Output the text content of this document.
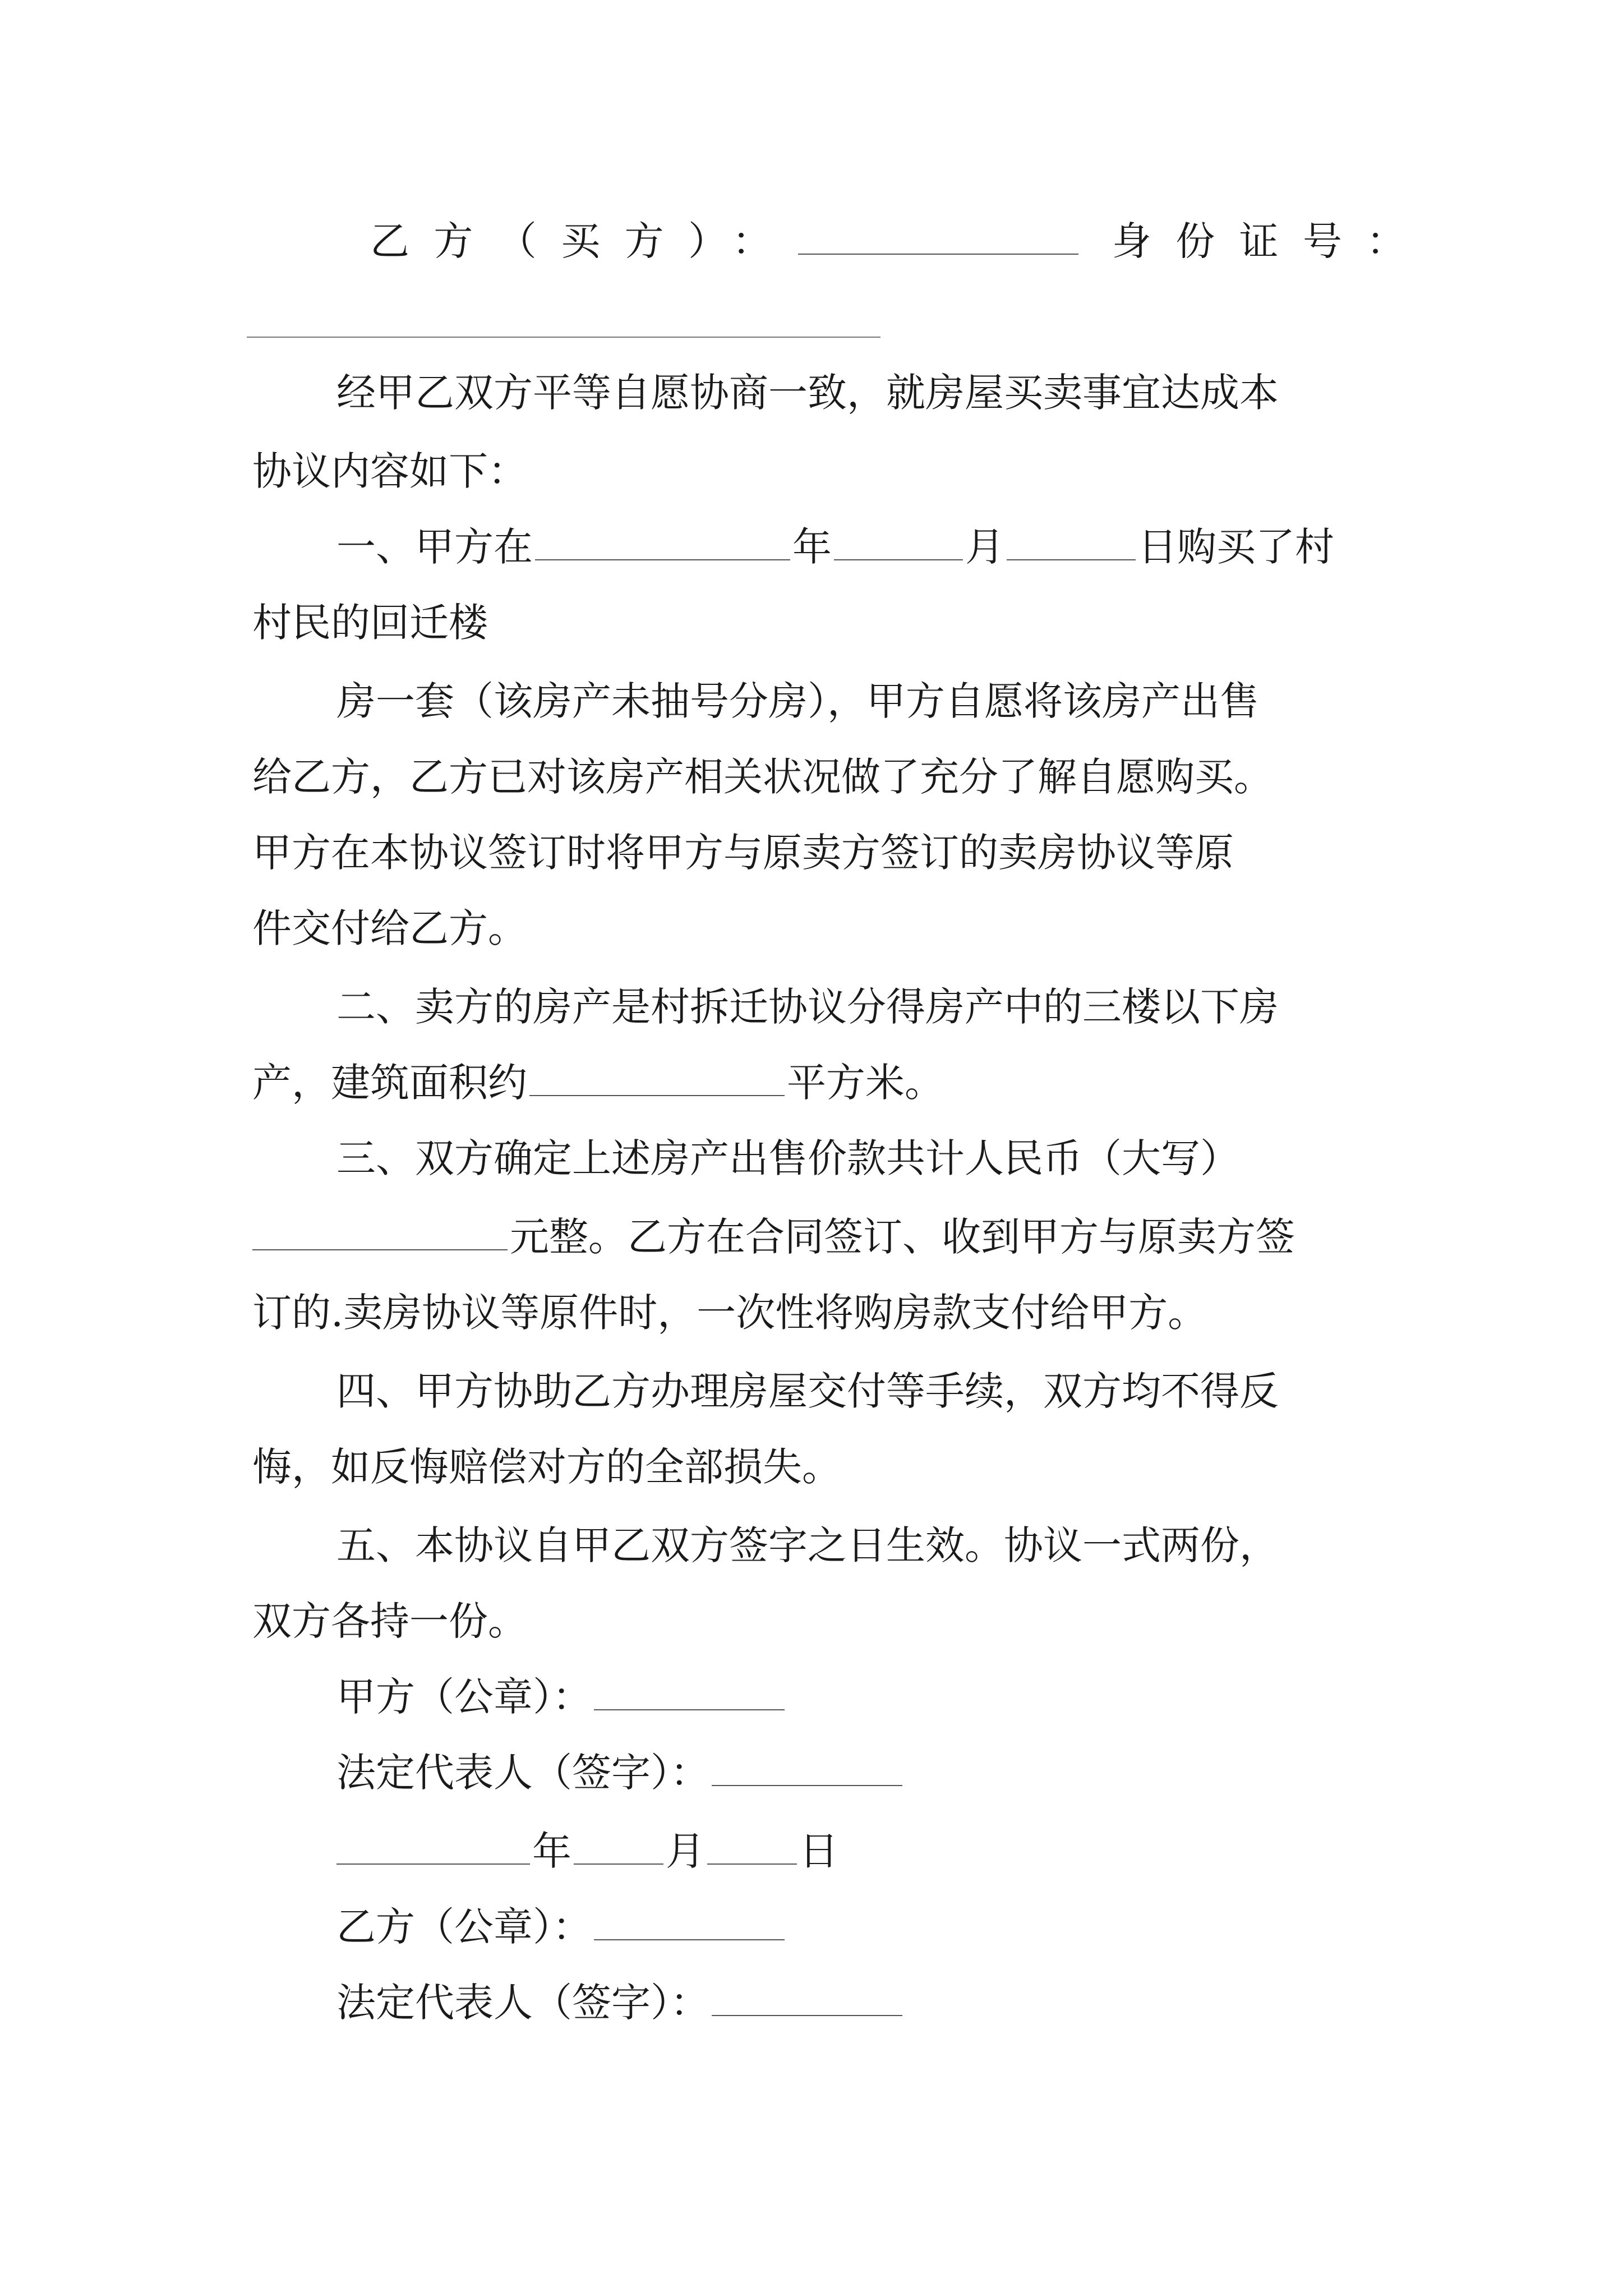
乙方（买方）：	身份证号：
经甲乙双方平等自愿协商一致，就房屋买卖事宜达成本
协议内容如下：
一、甲方在	年	月	日购买了村
村民的回迁楼
房一套（该房产未抽号分房），甲方自愿将该房产出售
给乙方，乙方已对该房产相关状况做了充分了解自愿购买。
甲方在本协议签订时将甲方与原卖方签订的卖房协议等原
件交付给乙方。
二、卖方的房产是村拆迁协议分得房产中的三楼以下房
产，建筑面积约	平方米。
三、双方确定上述房产出售价款共计人民币（大写）
元整。乙方在合同签订、收到甲方与原卖方签
订的.卖房协议等原件时，一次性将购房款支付给甲方。
四、甲方协助乙方办理房屋交付等手续，双方均不得反
悔，如反悔赔偿对方的全部损失。
五、本协议自甲乙双方签字之日生效。协议一式两份，
双方各持一份。
甲方（公章）：
法定代表人（签字）：
年 月 日
乙方（公章）：
法定代表人（签字）：
